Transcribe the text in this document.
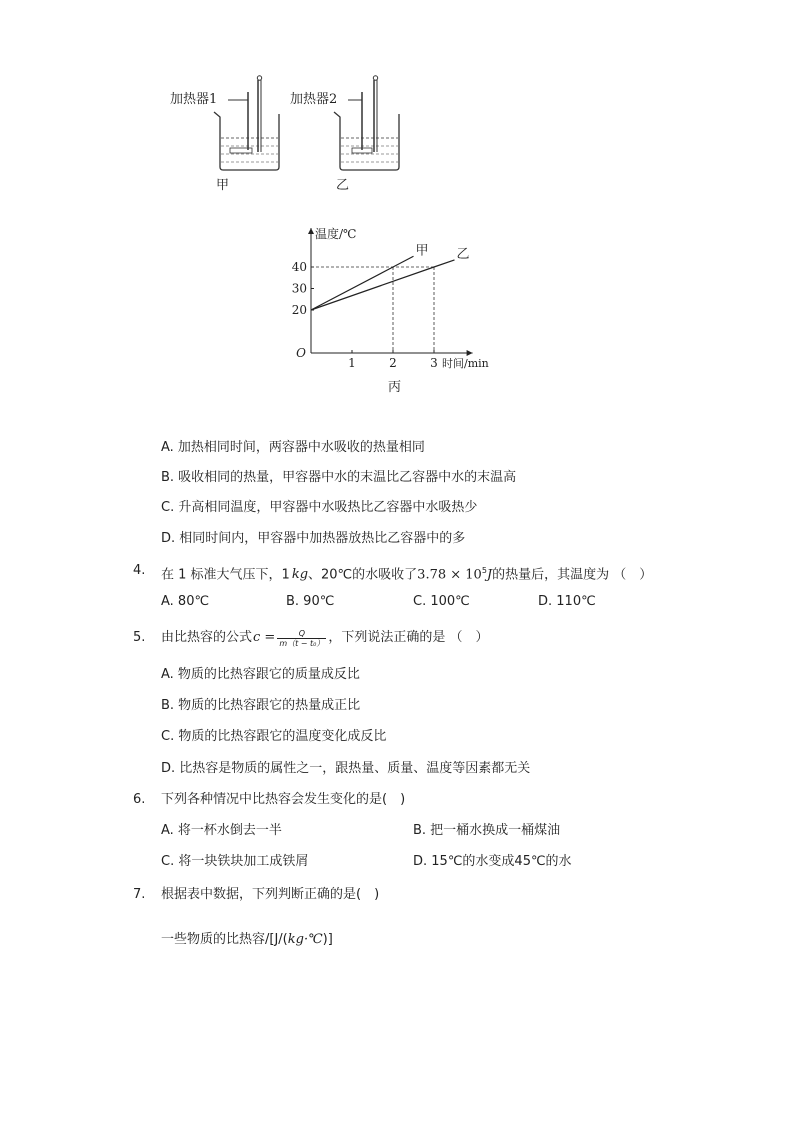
加热器1
甲
加热器2
乙
1	2	3
20
30
40
O
温度/℃
时间/min
甲 乙
丙
A. 加热相同时间，两容器中水吸收的热量相同
B. 吸收相同的热量，甲容器中水的末温比乙容器中水的末温高
C. 升高相同温度，甲容器中水吸热比乙容器中水吸热少
D. 相同时间内，甲容器中加热器放热比乙容器中的多
4. 在 1 标准大气压下，1 kg、20℃的水吸收了$3.78 \times 10^5J$的热量后，其温度为 （　）
A. 80℃	B. 90℃	C. 100℃	D. 110℃
5. 由比热容的公式 $c = \frac{Q}{\text{m（t − t₀）}}$ ，下列说法正确的是 （　）
A. 物质的比热容跟它的质量成反比
B. 物质的比热容跟它的热量成正比
C. 物质的比热容跟它的温度变化成反比
D. 比热容是物质的属性之一，跟热量、质量、温度等因素都无关
6. 下列各种情况中比热容会发生变化的是(　)
A. 将一杯水倒去一半	B. 把一桶水换成一桶煤油
C. 将一块铁块加工成铁屑	D. 15℃的水变成45℃的水
7. 根据表中数据，下列判断正确的是(　)
一些物质的比热容/[J/(kg·℃)]
